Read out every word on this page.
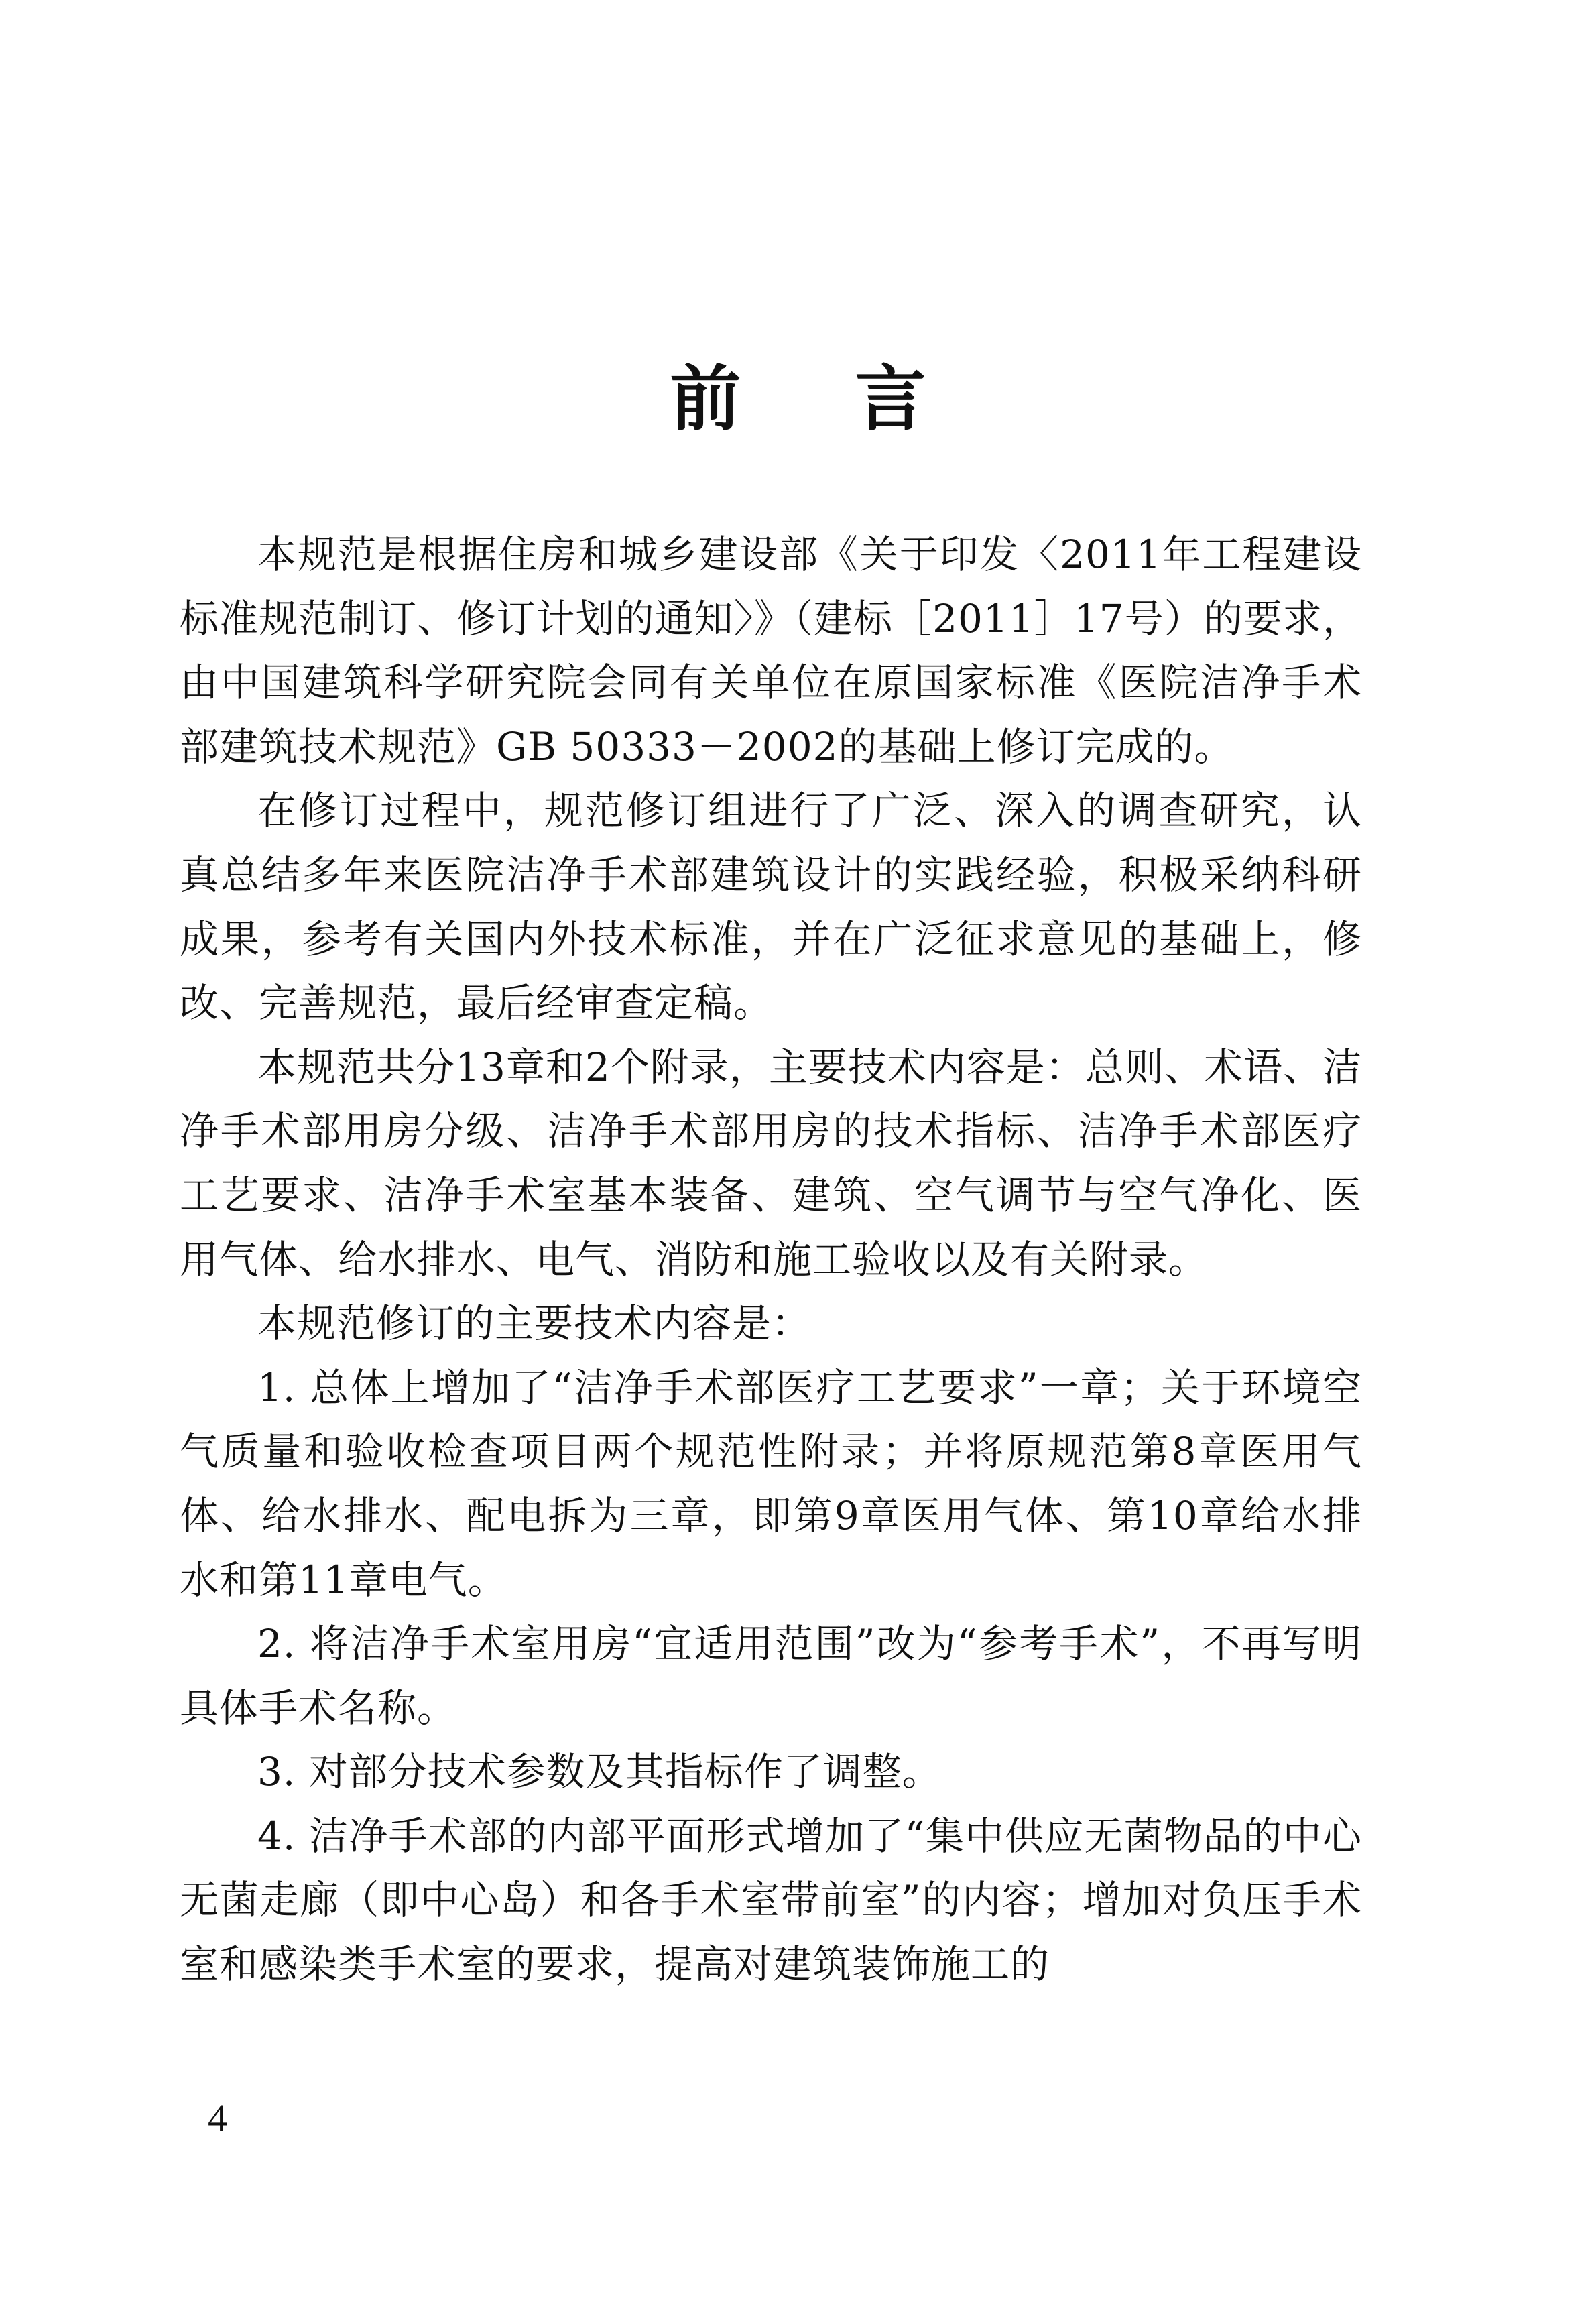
前 言

本规范是根据住房和城乡建设部《关于印发〈2011年工程建设标准规范制订、修订计划的通知〉》（建标［2011］17号）的要求，由中国建筑科学研究院会同有关单位在原国家标准《医院洁净手术部建筑技术规范》GB 50333－2002的基础上修订完成的。

在修订过程中，规范修订组进行了广泛、深入的调查研究，认真总结多年来医院洁净手术部建筑设计的实践经验，积极采纳科研成果，参考有关国内外技术标准，并在广泛征求意见的基础上，修改、完善规范，最后经审查定稿。

本规范共分13章和2个附录，主要技术内容是：总则、术语、洁净手术部用房分级、洁净手术部用房的技术指标、洁净手术部医疗工艺要求、洁净手术室基本装备、建筑、空气调节与空气净化、医用气体、给水排水、电气、消防和施工验收以及有关附录。

本规范修订的主要技术内容是：

1. 总体上增加了“洁净手术部医疗工艺要求”一章；关于环境空气质量和验收检查项目两个规范性附录；并将原规范第8章医用气体、给水排水、配电拆为三章，即第9章医用气体、第10章给水排水和第11章电气。

2. 将洁净手术室用房“宜适用范围”改为“参考手术”，不再写明具体手术名称。

3. 对部分技术参数及其指标作了调整。

4. 洁净手术部的内部平面形式增加了“集中供应无菌物品的中心无菌走廊（即中心岛）和各手术室带前室”的内容；增加对负压手术室和感染类手术室的要求，提高对建筑装饰施工的

4
